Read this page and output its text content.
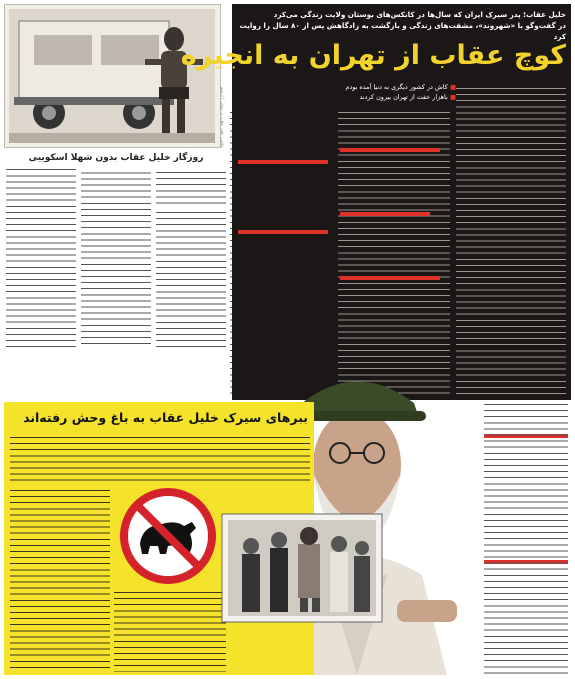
عکس: خلیل عقاب در جوانی / آرشیو
روزگار خلیل عقاب بدون شهلا اسکوییی
خلیل عقاب؛ پدر سیرک ایران که سال‌ها در کانکس‌های بوستان ولایت زندگی می‌کرد
در گفت‌وگو با «شهروند»، مشقت‌های زندگی و بازگشت به زادگاهش پس از ۸۰ سال را روایت کرد
کوچ عقاب از تهران به انجیره
■ کاش در کشور دیگری به دنیا آمده بودم
■ باهزار خفت از تهران بیرون کردند
ببرهای سیرک خلیل عقاب به باغ وحش رفته‌اند
